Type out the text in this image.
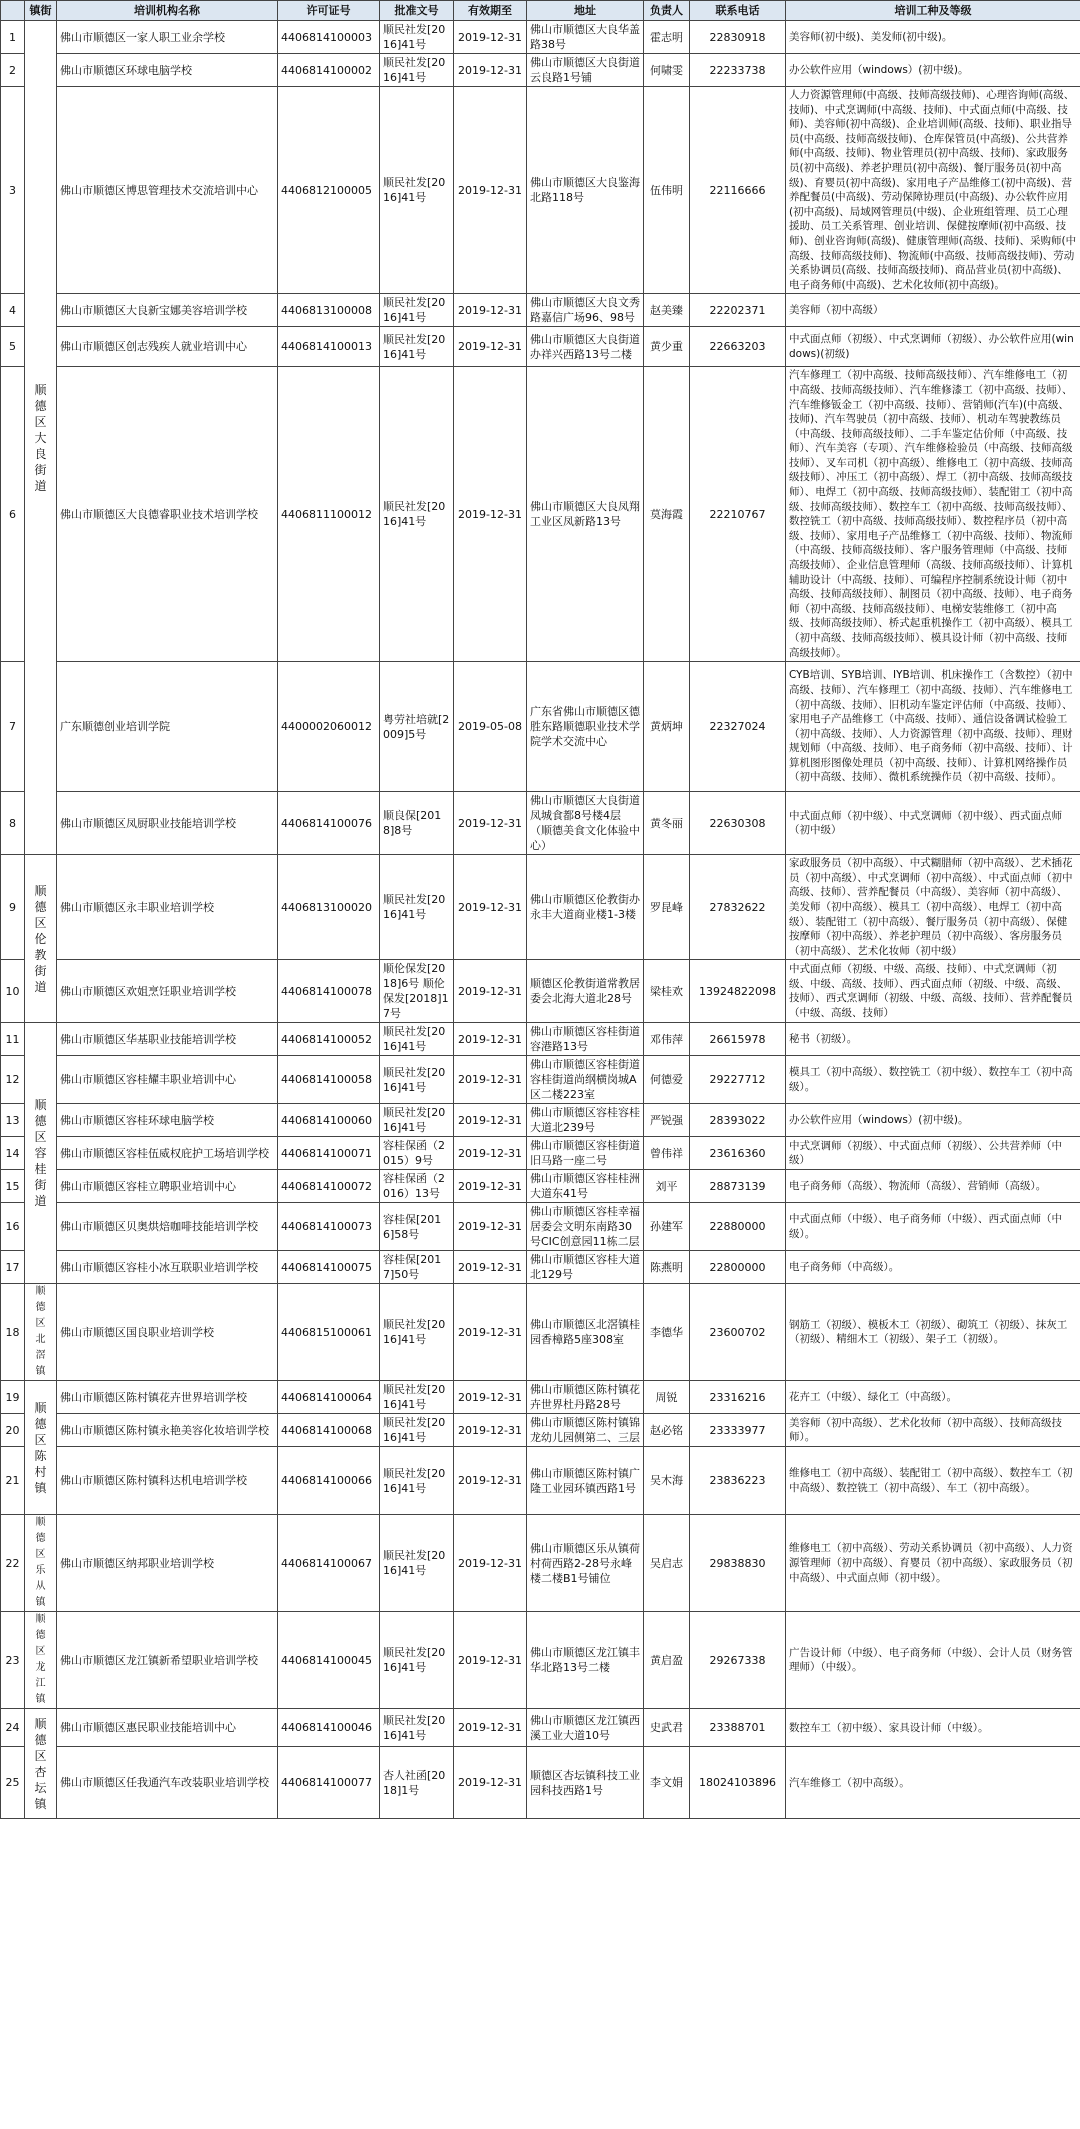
	镇街	培训机构名称	许可证号	批准文号	有效期至	地址	负责人	联系电话	培训工种及等级
1	顺德区大良街道	佛山市顺德区一家人职工业余学校	4406814100003	顺民社发[2016]41号	2019-12-31	佛山市顺德区大良华盖路38号	霍志明	22830918	美容师(初中级)、美发师(初中级)。
2		佛山市顺德区环球电脑学校	4406814100002	顺民社发[2016]41号	2019-12-31	佛山市顺德区大良街道云良路1号铺	何啸雯	22233738	办公软件应用（windows）(初中级)。
3		佛山市顺德区博思管理技术交流培训中心	4406812100005	顺民社发[2016]41号	2019-12-31	佛山市顺德区大良鉴海北路118号	伍伟明	22116666	人力资源管理师(中高级、技师高级技师)、心理咨询师(高级、技师)、中式烹调师(中高级、技师)、中式面点师(中高级、技师)、美容师(初中高级)、企业培训师(高级、技师)、职业指导员(中高级、技师高级技师)、仓库保管员(中高级)、公共营养师(中高级、技师)、物业管理员(初中高级、技师)、家政服务员(初中高级)、养老护理员(初中高级)、餐厅服务员(初中高级)、育婴员(初中高级)、家用电子产品维修工(初中高级)、营养配餐员(中高级)、劳动保障协理员(中高级)、办公软件应用(初中高级)、局域网管理员(中级)、企业班组管理、员工心理援助、员工关系管理、创业培训、保健按摩师(初中高级、技师)、创业咨询师(高级)、健康管理师(高级、技师)、采购师(中高级、技师高级技师)、物流师(中高级、技师高级技师)、劳动关系协调员(高级、技师高级技师)、商品营业员(初中高级)、电子商务师(中高级)、艺术化妆师(初中高级)。
4		佛山市顺德区大良新宝娜美容培训学校	4406813100008	顺民社发[2016]41号	2019-12-31	佛山市顺德区大良文秀路嘉信广场96、98号	赵美臻	22202371	美容师（初中高级）
5		佛山市顺德区创志残疾人就业培训中心	4406814100013	顺民社发[2016]41号	2019-12-31	佛山市顺德区大良街道办祥兴西路13号二楼	黄少重	22663203	中式面点师（初级）、中式烹调师（初级）、办公软件应用(windows)(初级)
6		佛山市顺德区大良德睿职业技术培训学校	4406811100012	顺民社发[2016]41号	2019-12-31	佛山市顺德区大良凤翔工业区凤新路13号	莫海霞	22210767	汽车修理工（初中高级、技师高级技师）、汽车维修电工（初中高级、技师高级技师）、汽车维修漆工（初中高级、技师）、汽车维修钣金工（初中高级、技师）、营销师(汽车)(中高级、技师)、汽车驾驶员（初中高级、技师）、机动车驾驶教练员（中高级、技师高级技师）、二手车鉴定估价师（中高级、技师）、汽车美容（专项）、汽车维修检验员（中高级、技师高级技师）、叉车司机（初中高级）、维修电工（初中高级、技师高级技师）、冲压工（初中高级）、焊工（初中高级、技师高级技师）、电焊工（初中高级、技师高级技师）、装配钳工（初中高级、技师高级技师）、数控车工（初中高级、技师高级技师）、数控铣工（初中高级、技师高级技师）、数控程序员（初中高级、技师）、家用电子产品维修工（初中高级、技师）、物流师（中高级、技师高级技师）、客户服务管理师（中高级、技师高级技师）、企业信息管理师（高级、技师高级技师）、计算机辅助设计（中高级、技师）、可编程序控制系统设计师（初中高级、技师高级技师）、制图员（初中高级、技师）、电子商务师（初中高级、技师高级技师）、电梯安装维修工（初中高级、技师高级技师）、桥式起重机操作工（初中高级）、模具工（初中高级、技师高级技师）、模具设计师（初中高级、技师高级技师）。
7		广东顺德创业培训学院	4400002060012	粤劳社培就[2009]5号	2019-05-08	广东省佛山市顺德区德胜东路顺德职业技术学院学术交流中心	黄炳坤	22327024	CYB培训、SYB培训、IYB培训、机床操作工（含数控）（初中高级、技师）、汽车修理工（初中高级、技师）、汽车维修电工（初中高级、技师）、旧机动车鉴定评估师（中高级、技师）、家用电子产品维修工（中高级、技师）、通信设备调试检验工（初中高级、技师）、人力资源管理（初中高级、技师）、理财规划师（中高级、技师）、电子商务师（初中高级、技师）、计算机图形图像处理员（初中高级、技师）、计算机网络操作员（初中高级、技师）、微机系统操作员（初中高级、技师）。
8		佛山市顺德区凤厨职业技能培训学校	4406814100076	顺良保[2018]8号	2019-12-31	佛山市顺德区大良街道凤城食都8号楼4层（顺德美食文化体验中心）	黄冬丽	22630308	中式面点师（初中级）、中式烹调师（初中级）、西式面点师（初中级）
9	顺德区伦教街道	佛山市顺德区永丰职业培训学校	4406813100020	顺民社发[2016]41号	2019-12-31	佛山市顺德区伦教街办永丰大道商业楼1-3楼	罗昆峰	27832622	家政服务员（初中高级）、中式糊腊师（初中高级）、艺术插花员（初中高级）、中式烹调师（初中高级）、中式面点师（初中高级、技师）、营养配餐员（中高级）、美容师（初中高级）、美发师（初中高级）、模具工（初中高级）、电焊工（初中高级）、装配钳工（初中高级）、餐厅服务员（初中高级）、保健按摩师（初中高级）、养老护理员（初中高级）、客房服务员（初中高级）、艺术化妆师（初中级）
10		佛山市顺德区欢姐烹饪职业培训学校	4406814100078	顺伦保发[2018]6号 顺伦保发[2018]17号	2019-12-31	顺德区伦教街道常教居委会北海大道北28号	梁桂欢	13924822098	中式面点师（初级、中级、高级、技师）、中式烹调师（初级、中级、高级、技师）、西式面点师（初级、中级、高级、技师）、西式烹调师（初级、中级、高级、技师）、营养配餐员（中级、高级、技师）
11	顺德区容桂街道	佛山市顺德区华基职业技能培训学校	4406814100052	顺民社发[2016]41号	2019-12-31	佛山市顺德区容桂街道容港路13号	邓伟萍	26615978	秘书（初级）。
12		佛山市顺德区容桂耀丰职业培训中心	4406814100058	顺民社发[2016]41号	2019-12-31	佛山市顺德区容桂街道容桂街道尚纲横岗城A区二楼223室	何德爱	29227712	模具工（初中高级）、数控铣工（初中级）、数控车工（初中高级）。
13		佛山市顺德区容桂环球电脑学校	4406814100060	顺民社发[2016]41号	2019-12-31	佛山市顺德区容桂容桂大道北239号	严锐强	28393022	办公软件应用（windows）(初中级)。
14		佛山市顺德区容桂伍威权庇护工场培训学校	4406814100071	容桂保函（2015）9号	2019-12-31	佛山市顺德区容桂街道旧马路一座二号	曾伟祥	23616360	中式烹调师（初级）、中式面点师（初级）、公共营养师（中级）
15		佛山市顺德区容桂立聘职业培训中心	4406814100072	容桂保函（2016）13号	2019-12-31	佛山市顺德区容桂桂洲大道东41号	刘平	28873139	电子商务师（高级）、物流师（高级）、营销师（高级）。
16		佛山市顺德区贝奥烘焙咖啡技能培训学校	4406814100073	容桂保[2016]58号	2019-12-31	佛山市顺德区容桂幸福居委会文明东南路30号CIC创意园11栋二层	孙建军	22880000	中式面点师（中级）、电子商务师（中级）、西式面点师（中级）。
17		佛山市顺德区容桂小冰互联职业培训学校	4406814100075	容桂保[2017]50号	2019-12-31	佛山市顺德区容桂大道北129号	陈燕明	22800000	电子商务师（中高级）。
18	顺德区北滘镇	佛山市顺德区国良职业培训学校	4406815100061	顺民社发[2016]41号	2019-12-31	佛山市顺德区北滘镇桂园香樟路5座308室	李德华	23600702	钢筋工（初级）、模板木工（初级）、砌筑工（初级）、抹灰工（初级）、精细木工（初级）、架子工（初级）。
19	顺德区陈村镇	佛山市顺德区陈村镇花卉世界培训学校	4406814100064	顺民社发[2016]41号	2019-12-31	佛山市顺德区陈村镇花卉世界杜丹路28号	周锐	23316216	花卉工（中级）、绿化工（中高级）。
20		佛山市顺德区陈村镇永艳美容化妆培训学校	4406814100068	顺民社发[2016]41号	2019-12-31	佛山市顺德区陈村镇锦龙幼儿园侧第二、三层	赵必铭	23333977	美容师（初中高级）、艺术化妆师（初中高级）、技师高级技师）。
21		佛山市顺德区陈村镇科达机电培训学校	4406814100066	顺民社发[2016]41号	2019-12-31	佛山市顺德区陈村镇广隆工业园环镇西路1号	吴木海	23836223	维修电工（初中高级）、装配钳工（初中高级）、数控车工（初中高级）、数控铣工（初中高级）、车工（初中高级）。
22	顺德区乐从镇	佛山市顺德区纳邦职业培训学校	4406814100067	顺民社发[2016]41号	2019-12-31	佛山市顺德区乐从镇荷村荷西路2-28号永峰楼二楼B1号铺位	吴启志	29838830	维修电工（初中高级）、劳动关系协调员（初中高级）、人力资源管理师（初中高级）、育婴员（初中高级）、家政服务员（初中高级）、中式面点师（初中级）。
23	顺德区龙江镇	佛山市顺德区龙江镇新希望职业培训学校	4406814100045	顺民社发[2016]41号	2019-12-31	佛山市顺德区龙江镇丰华北路13号二楼	黄启盈	29267338	广告设计师（中级）、电子商务师（中级）、会计人员（财务管理师）（中级）。
24	顺德区杏坛镇	佛山市顺德区惠民职业技能培训中心	4406814100046	顺民社发[2016]41号	2019-12-31	佛山市顺德区龙江镇西溪工业大道10号	史武君	23388701	数控车工（初中级）、家具设计师（中级）。
25		佛山市顺德区任我通汽车改装职业培训学校	4406814100077	杏人社函[2018]1号	2019-12-31	顺德区杏坛镇科技工业园科技西路1号	李文娟	18024103896	汽车维修工（初中高级）。
